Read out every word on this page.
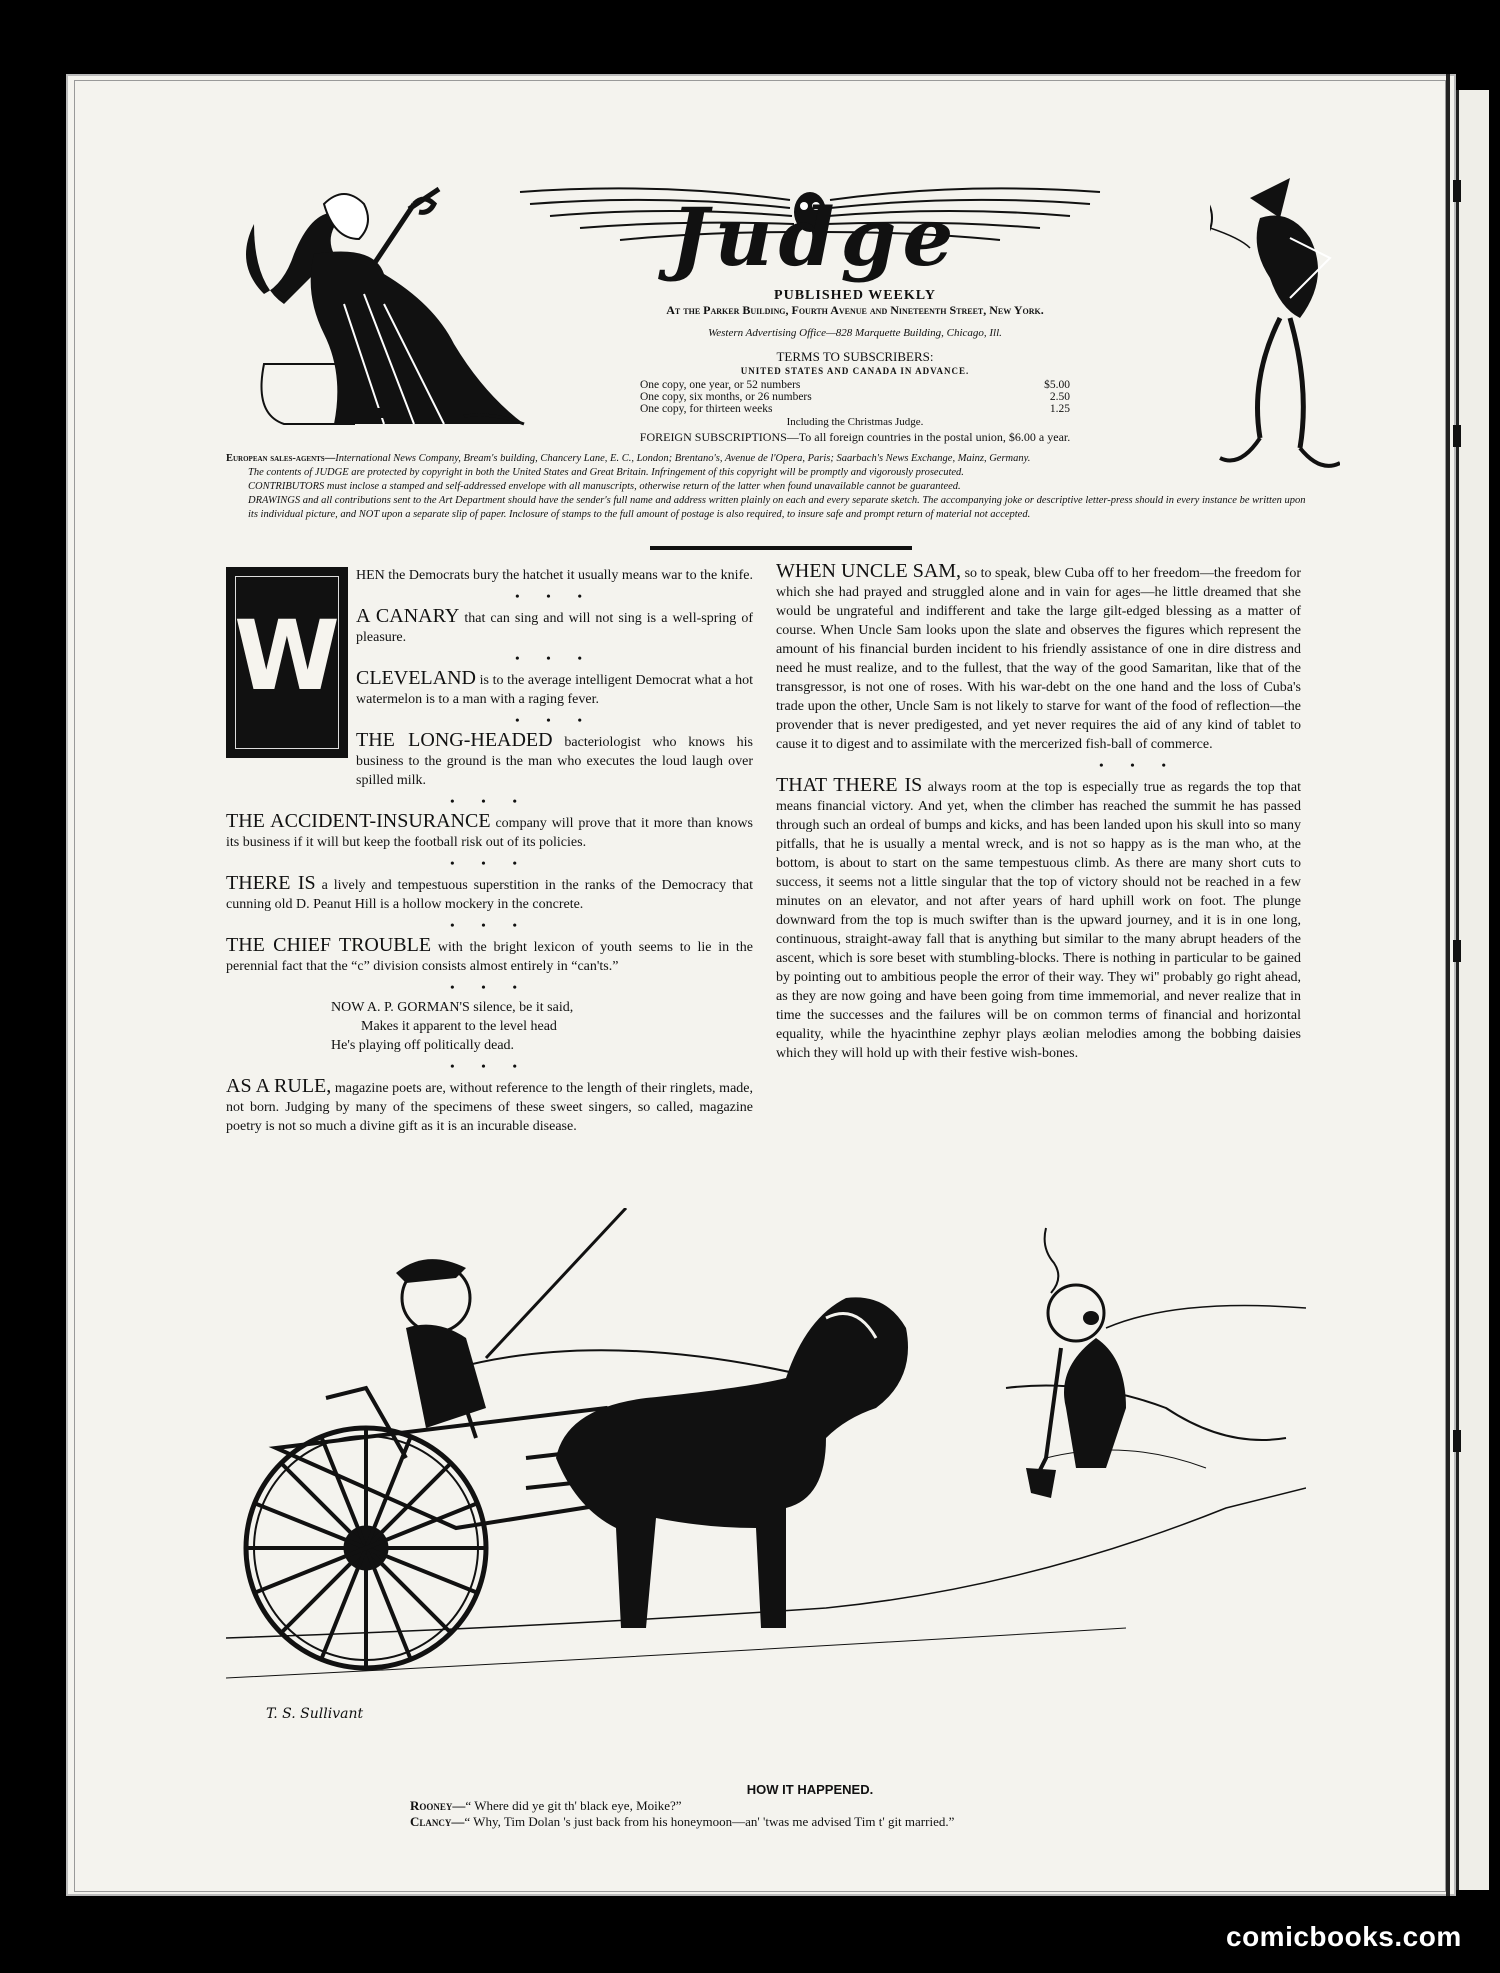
Judge
PUBLISHED WEEKLY
At the Parker Building, Fourth Avenue and Nineteenth Street, New York.
Western Advertising Office—828 Marquette Building, Chicago, Ill.
TERMS TO SUBSCRIBERS:
UNITED STATES AND CANADA IN ADVANCE.
One copy, one year, or 52 numbers	$5.00
One copy, six months, or 26 numbers	2.50
One copy, for thirteen weeks	1.25
Including the Christmas Judge.
FOREIGN SUBSCRIPTIONS—To all foreign countries in the postal union, $6.00 a year.

European sales-agents—International News Company, Bream's building, Chancery Lane, E. C., London; Brentano's, Avenue de l'Opera, Paris; Saarbach's News Exchange, Mainz, Germany.

The contents of JUDGE are protected by copyright in both the United States and Great Britain. Infringement of this copyright will be promptly and vigorously prosecuted.

CONTRIBUTORS must inclose a stamped and self-addressed envelope with all manuscripts, otherwise return of the latter when found unavailable cannot be guaranteed.

DRAWINGS and all contributions sent to the Art Department should have the sender's full name and address written plainly on each and every separate sketch. The accompanying joke or descriptive letter-press should in every instance be written upon its individual picture, and NOT upon a separate slip of paper. Inclosure of stamps to the full amount of postage is also required, to insure safe and prompt return of material not accepted.

W

HEN the Democrats bury the hatchet it usually means war to the knife.

• • •

A CANARY that can sing and will not sing is a well-spring of pleasure.

• • •

CLEVELAND is to the average intelligent Democrat what a hot watermelon is to a man with a raging fever.

• • •

THE LONG-HEADED bacteriologist who knows his business to the ground is the man who executes the loud laugh over spilled milk.

• • •

THE ACCIDENT-INSURANCE company will prove that it more than knows its business if it will but keep the football risk out of its policies.

• • •

THERE IS a lively and tempestuous superstition in the ranks of the Democracy that cunning old D. Peanut Hill is a hollow mockery in the concrete.

• • •

THE CHIEF TROUBLE with the bright lexicon of youth seems to lie in the perennial fact that the “c” division consists almost entirely in “can'ts.”

• • •
NOW A. P. GORMAN'S silence, be it said,
Makes it apparent to the level head
He's playing off politically dead.
• • •

AS A RULE, magazine poets are, without reference to the length of their ringlets, made, not born. Judging by many of the specimens of these sweet singers, so called, magazine poetry is not so much a divine gift as it is an incurable disease.

WHEN UNCLE SAM, so to speak, blew Cuba off to her freedom—the freedom for which she had prayed and struggled alone and in vain for ages—he little dreamed that she would be ungrateful and indifferent and take the large gilt-edged blessing as a matter of course. When Uncle Sam looks upon the slate and observes the figures which represent the amount of his financial burden incident to his friendly assistance of one in dire distress and need he must realize, and to the fullest, that the way of the good Samaritan, like that of the transgressor, is not one of roses. With his war-debt on the one hand and the loss of Cuba's trade upon the other, Uncle Sam is not likely to starve for want of the food of reflection—the provender that is never predigested, and yet never requires the aid of any kind of tablet to cause it to digest and to assimilate with the mercerized fish-ball of commerce.

• • •

THAT THERE IS always room at the top is especially true as regards the top that means financial victory. And yet, when the climber has reached the summit he has passed through such an ordeal of bumps and kicks, and has been landed upon his skull into so many pitfalls, that he is usually a mental wreck, and is not so happy as is the man who, at the bottom, is about to start on the same tempestuous climb. As there are many short cuts to success, it seems not a little singular that the top of victory should not be reached in a few minutes on an elevator, and not after years of hard uphill work on foot. The plunge downward from the top is much swifter than is the upward journey, and it is in one long, continuous, straight-away fall that is anything but similar to the many abrupt headers of the ascent, which is sore beset with stumbling-blocks. There is nothing in particular to be gained by pointing out to ambitious people the error of their way. They wi'' probably go right ahead, as they are now going and have been going from time immemorial, and never realize that in time the successes and the failures will be on common terms of financial and horizontal equality, while the hyacinthine zephyr plays æolian melodies among the bobbing daisies which they will hold up with their festive wish-bones.

T. S. Sullivant
HOW IT HAPPENED.
Rooney—“ Where did ye git th' black eye, Moike?”
Clancy—“ Why, Tim Dolan 's just back from his honeymoon—an' 'twas me advised Tim t' git married.”
comicbooks.com
